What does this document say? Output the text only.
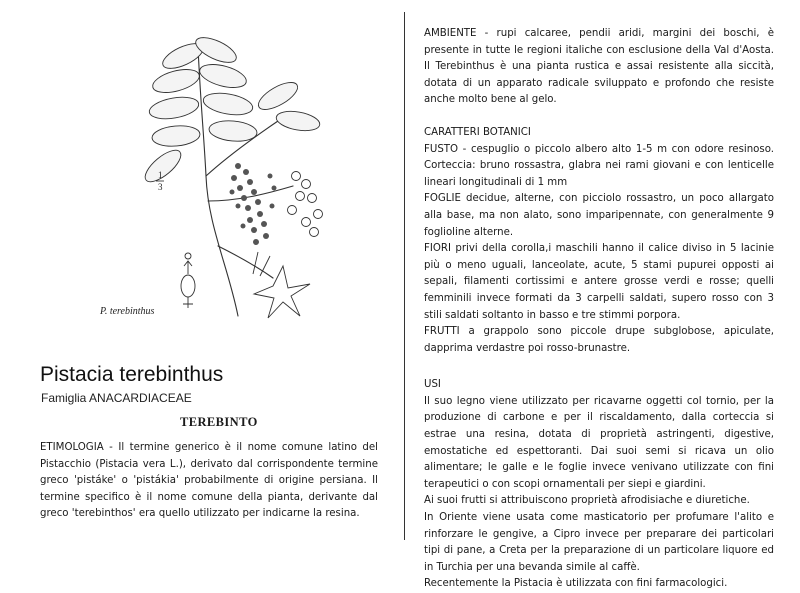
1
3
P. terebinthus
Pistacia terebinthus
Famiglia ANACARDIACEAE
TEREBINTO
ETIMOLOGIA - Il termine generico è il nome comune latino del Pistacchio (Pistacia vera L.), derivato dal corrispondente termine greco 'pistáke' o 'pistákia' probabilmente di origine persiana. Il termine specifico è il nome comune della pianta, derivante dal greco 'terebinthos' era quello utilizzato per indicarne la resina.

AMBIENTE - rupi calcaree, pendii aridi, margini dei boschi, è presente in tutte le regioni italiche con esclusione della Val d'Aosta. Il Terebinthus è una pianta rustica e assai resistente alla siccità, dotata di un apparato radicale sviluppato e profondo che resiste anche molto bene al gelo.

CARATTERI BOTANICI

FUSTO - cespuglio o piccolo albero alto 1-5 m con odore resinoso. Corteccia: bruno rossastra, glabra nei rami giovani e con lenticelle lineari longitudinali di 1 mm

FOGLIE decidue, alterne, con picciolo rossastro, un poco allargato alla base, ma non alato, sono imparipennate, con generalmente 9 foglioline alterne.

FIORI privi della corolla,i maschili hanno il calice diviso in 5 lacinie più o meno uguali, lanceolate, acute, 5 stami pupurei opposti ai sepali, filamenti cortissimi e antere grosse verdi e rosse; quelli femminili invece formati da 3 carpelli saldati, supero rosso con 3 stili saldati soltanto in basso e tre stimmi porpora.

FRUTTI a grappolo sono piccole drupe subglobose, apiculate, dapprima verdastre poi rosso-brunastre.

USI

Il suo legno viene utilizzato per ricavarne oggetti col tornio, per la produzione di carbone e per il riscaldamento, dalla corteccia si estrae una resina, dotata di proprietà astringenti, digestive, emostatiche ed espettoranti. Dai suoi semi si ricava un olio alimentare; le galle e le foglie invece venivano utilizzate con fini terapeutici o con scopi ornamentali per siepi e giardini.

Ai suoi frutti si attribuiscono proprietà afrodisiache e diuretiche.

In Oriente viene usata come masticatorio per profumare l'alito e rinforzare le gengive, a Cipro invece per preparare dei particolari tipi di pane, a Creta per la preparazione di un particolare liquore ed in Turchia per una bevanda simile al caffè.

Recentemente la Pistacia è utilizzata con fini farmacologici.
